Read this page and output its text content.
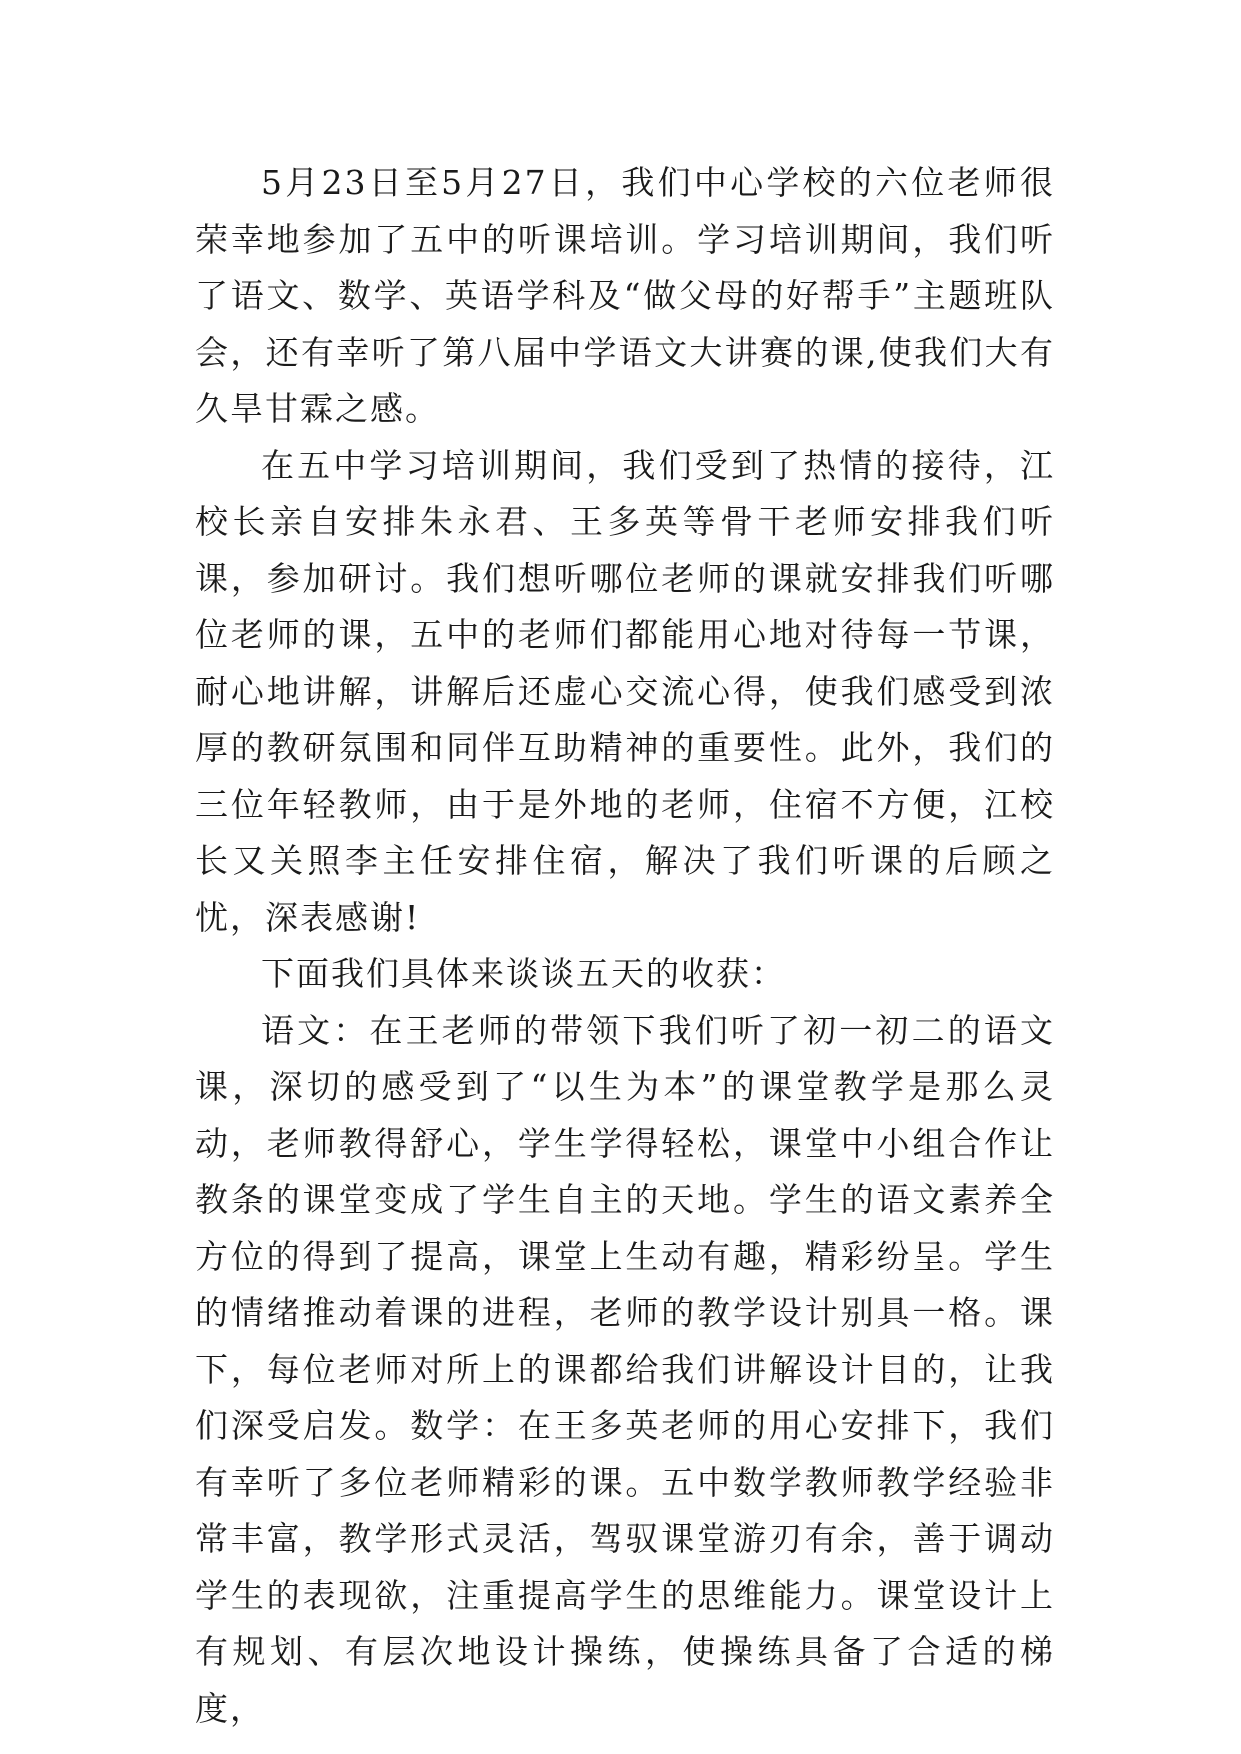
5月23日至5月27日，我们中心学校的六位老师很荣幸地参加了五中的听课培训。学习培训期间，我们听了语文、数学、英语学科及“做父母的好帮手”主题班队会，还有幸听了第八届中学语文大讲赛的课,使我们大有久旱甘霖之感。

在五中学习培训期间，我们受到了热情的接待，江校长亲自安排朱永君、王多英等骨干老师安排我们听课，参加研讨。我们想听哪位老师的课就安排我们听哪位老师的课，五中的老师们都能用心地对待每一节课，耐心地讲解，讲解后还虚心交流心得，使我们感受到浓厚的教研氛围和同伴互助精神的重要性。此外，我们的三位年轻教师，由于是外地的老师，住宿不方便，江校长又关照李主任安排住宿，解决了我们听课的后顾之忧，深表感谢!

下面我们具体来谈谈五天的收获：

语文：在王老师的带领下我们听了初一初二的语文课，深切的感受到了“以生为本”的课堂教学是那么灵动，老师教得舒心，学生学得轻松，课堂中小组合作让教条的课堂变成了学生自主的天地。学生的语文素养全方位的得到了提高，课堂上生动有趣，精彩纷呈。学生的情绪推动着课的进程，老师的教学设计别具一格。课下，每位老师对所上的课都给我们讲解设计目的，让我们深受启发。数学：在王多英老师的用心安排下，我们有幸听了多位老师精彩的课。五中数学教师教学经验非常丰富，教学形式灵活，驾驭课堂游刃有余，善于调动学生的表现欲，注重提高学生的思维能力。课堂设计上有规划、有层次地设计操练，使操练具备了合适的梯度，
